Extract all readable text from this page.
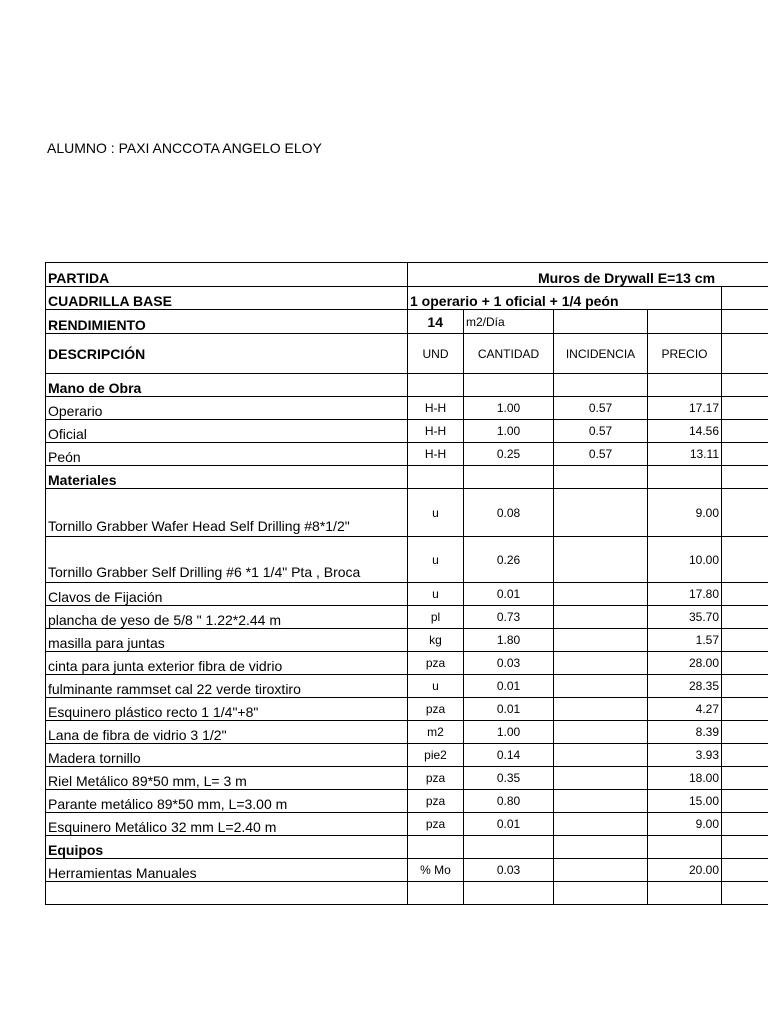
ALUMNO : PAXI ANCCOTA ANGELO ELOY
PARTIDA	Muros de Drywall E=13 cm				
CUADRILLA BASE	1 operario + 1 oficial + 1/4 peón				
RENDIMIENTO	14	m2/Día			
DESCRIPCIÓN	UND	CANTIDAD	INCIDENCIA	PRECIO	
Mano de Obra					
Operario	H-H	1.00	0.57	17.17	
Oficial	H-H	1.00	0.57	14.56	
Peón	H-H	0.25	0.57	13.11	
Materiales					
Tornillo Grabber Wafer Head Self Drilling #8*1/2"	u	0.08		9.00	
Tornillo Grabber Self Drilling #6 *1 1/4" Pta , Broca	u	0.26		10.00	
Clavos de Fijación	u	0.01		17.80	
plancha de yeso de 5/8 " 1.22*2.44 m	pl	0.73		35.70	
masilla para juntas	kg	1.80		1.57	
cinta para junta exterior fibra de vidrio	pza	0.03		28.00	
fulminante rammset cal 22 verde tiroxtiro	u	0.01		28.35	
Esquinero plástico recto 1 1/4"+8"	pza	0.01		4.27	
Lana de fibra de vidrio 3 1/2"	m2	1.00		8.39	
Madera tornillo	pie2	0.14		3.93	
Riel Metálico 89*50 mm, L= 3 m	pza	0.35		18.00	
Parante metálico 89*50 mm, L=3.00 m	pza	0.80		15.00	
Esquinero Metálico 32 mm L=2.40 m	pza	0.01		9.00	
Equipos					
Herramientas Manuales	% Mo	0.03		20.00	
